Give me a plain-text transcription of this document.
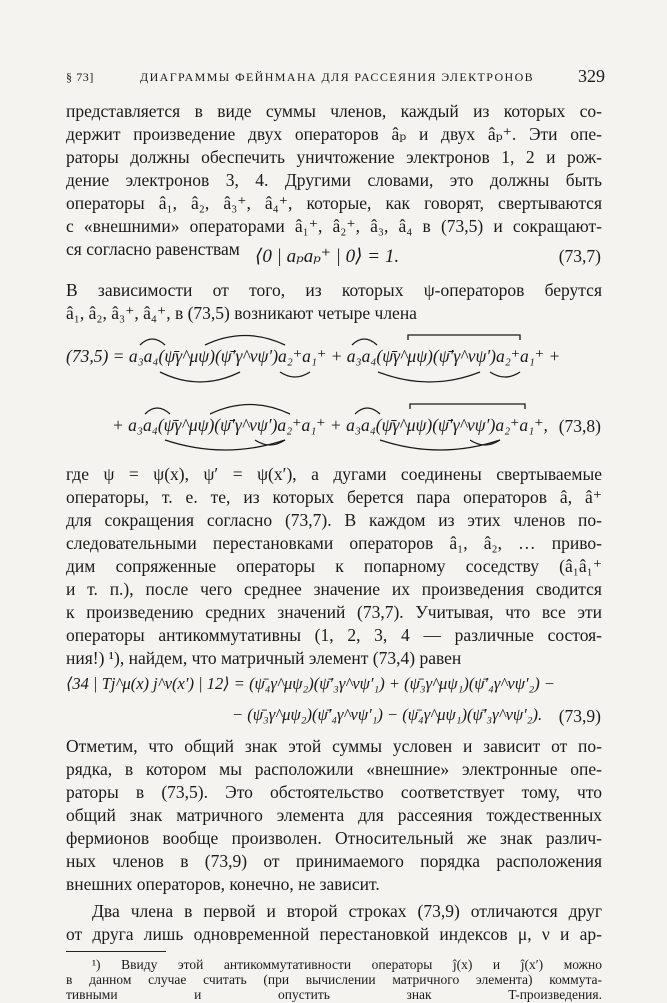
§ 73]	ДИАГРАММЫ ФЕЙНМАНА ДЛЯ РАССЕЯНИЯ ЭЛЕКТРОНОВ 329
представляется в виде суммы членов, каждый из которых со-
держит произведение двух операторов âₚ и двух âₚ⁺. Эти опе-
раторы должны обеспечить уничтожение электронов 1, 2 и рож-
дение электронов 3, 4. Другими словами, это должны быть
операторы â₁, â₂, â₃⁺, â₄⁺, которые, как говорят, свертываются
с «внешними» операторами â₁⁺, â₂⁺, â₃, â₄ в (73,5) и сокращают-
ся согласно равенствам ⟨0 | aₚaₚ⁺ | 0⟩ = 1.	(73,7)
В зависимости от того, из которых ψ-операторов берутся
â₁, â₂, â₃⁺, â₄⁺, в (73,5) возникают четыре члена
(73,5) = a₃a₄(ψ̄γ^μψ)(ψ̄′γ^νψ′)a₂⁺a₁⁺ + a₃a₄(ψ̄γ^μψ)(ψ̄′γ^νψ′)a₂⁺a₁⁺ +
+ a₃a₄(ψ̄γ^μψ)(ψ̄′γ^νψ′)a₂⁺a₁⁺ + a₃a₄(ψ̄γ^μψ)(ψ̄′γ^νψ′)a₂⁺a₁⁺, (73,8)
где ψ = ψ(x), ψ′ = ψ(x′), а дугами соединены свертываемые
операторы, т. е. те, из которых берется пара операторов â, â⁺
для сокращения согласно (73,7). В каждом из этих членов по-
следовательными перестановками операторов â₁, â₂, … приво-
дим сопряженные операторы к попарному соседству (â₁â₁⁺
и т. п.), после чего среднее значение их произведения сводится
к произведению средних значений (73,7). Учитывая, что все эти
операторы антикоммутативны (1, 2, 3, 4 — различные состоя-
ния!) ¹), найдем, что матричный элемент (73,4) равен
⟨34 | Tj^μ(x) j^ν(x′) | 12⟩ = (ψ̄₄γ^μψ₂)(ψ̄′₃γ^νψ′₁) + (ψ̄₃γ^μψ₁)(ψ̄′₄γ^νψ′₂) −
− (ψ̄₃γ^μψ₂)(ψ̄′₄γ^νψ′₁) − (ψ̄₄γ^μψ₁)(ψ̄′₃γ^νψ′₂). (73,9)
Отметим, что общий знак этой суммы условен и зависит от по-
рядка, в котором мы расположили «внешние» электронные опе-
раторы в (73,5). Это обстоятельство соответствует тому, что
общий знак матричного элемента для рассеяния тождественных
фермионов вообще произволен. Относительный же знак различ-
ных членов в (73,9) от принимаемого порядка расположения
внешних операторов, конечно, не зависит.
Два члена в первой и второй строках (73,9) отличаются друг
от друга лишь одновременной перестановкой индексов μ, ν и ар-
¹) Ввиду этой антикоммутативности операторы ĵ(x) и ĵ(x′) можно
в данном случае считать (при вычислении матричного элемента) коммута-
тивными и опустить знак T-произведения.
